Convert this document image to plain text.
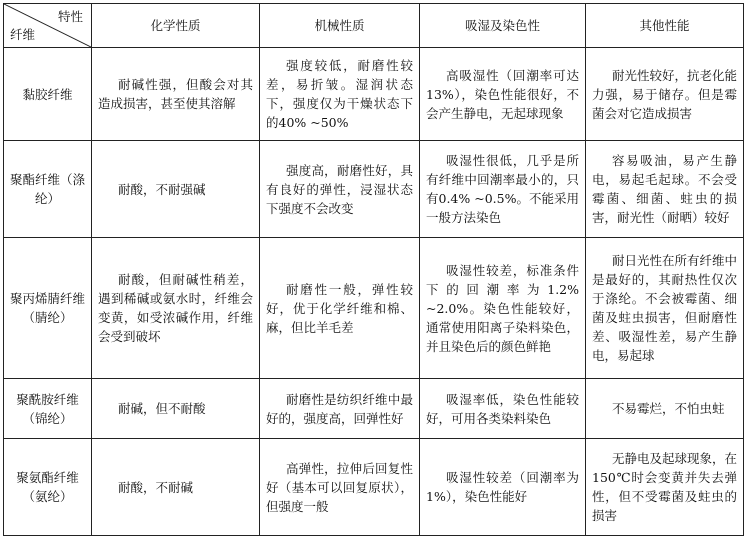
特性
纤维	化学性质	机械性质	吸湿及染色性	其他性能
黏胶纤维	耐碱性强，但酸会对其造成损害，甚至使其溶解	强度较低，耐磨性较差，易折皱。湿润状态下，强度仅为干燥状态下的40% ~50%	高吸湿性（回潮率可达13%），染色性能很好，不会产生静电，无起球现象	耐光性较好，抗老化能力强，易于储存。但是霉菌会对它造成损害
聚酯纤维（涤纶）	耐酸，不耐强碱	强度高，耐磨性好，具有良好的弹性，浸湿状态下强度不会改变	吸湿性很低，几乎是所有纤维中回潮率最小的，只有0.4% ~0.5%。不能采用一般方法染色	容易吸油，易产生静电，易起毛起球。不会受霉菌、细菌、蛀虫的损害，耐光性（耐晒）较好
聚丙烯腈纤维（腈纶）	耐酸，但耐碱性稍差，遇到稀碱或氨水时，纤维会变黄，如受浓碱作用，纤维会受到破坏	耐磨性一般，弹性较好，优于化学纤维和棉、麻，但比羊毛差	吸湿性较差，标准条件下的回潮率为1.2% ~2.0%。染色性能较好，通常使用阳离子染料染色，并且染色后的颜色鲜艳	耐日光性在所有纤维中是最好的，其耐热性仅次于涤纶。不会被霉菌、细菌及蛀虫损害，但耐磨性差、吸湿性差，易产生静电，易起球
聚酰胺纤维（锦纶）	耐碱，但不耐酸	耐磨性是纺织纤维中最好的，强度高，回弹性好	吸湿率低，染色性能较好，可用各类染料染色	不易霉烂，不怕虫蛀
聚氨酯纤维（氨纶）	耐酸，不耐碱	高弹性，拉伸后回复性好（基本可以回复原状），但强度一般	吸湿性较差（回潮率为1%），染色性能好	无静电及起球现象，在150℃时会变黄并失去弹性，但不受霉菌及蛀虫的损害
